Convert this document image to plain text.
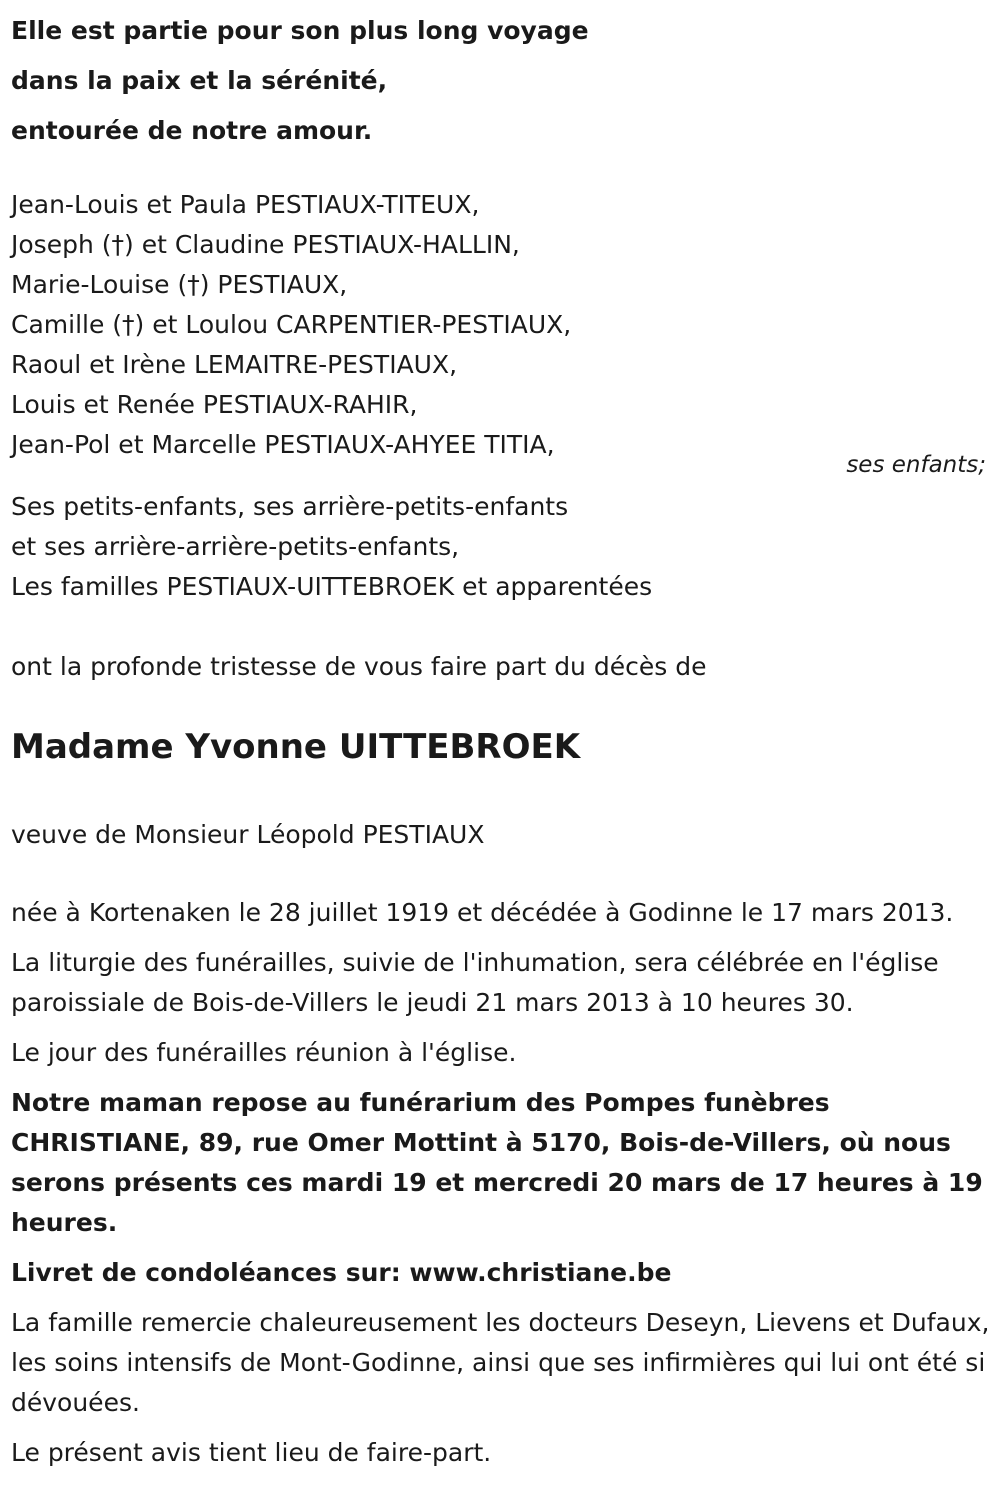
Elle est partie pour son plus long voyage
dans la paix et la sérénité,
entourée de notre amour.
Jean-Louis et Paula PESTIAUX-TITEUX,
Joseph (†) et Claudine PESTIAUX-HALLIN,
Marie-Louise (†) PESTIAUX,
Camille (†) et Loulou CARPENTIER-PESTIAUX,
Raoul et Irène LEMAITRE-PESTIAUX,
Louis et Renée PESTIAUX-RAHIR,
Jean-Pol et Marcelle PESTIAUX-AHYEE TITIA,
ses enfants;
Ses petits-enfants, ses arrière-petits-enfants
et ses arrière-arrière-petits-enfants,
Les familles PESTIAUX-UITTEBROEK et apparentées
ont la profonde tristesse de vous faire part du décès de
Madame Yvonne UITTEBROEK
veuve de Monsieur Léopold PESTIAUX

née à Kortenaken le 28 juillet 1919 et décédée à Godinne le 17 mars 2013.

La liturgie des funérailles, suivie de l'inhumation, sera célébrée en l'église paroissiale de Bois-de-Villers le jeudi 21 mars 2013 à 10 heures 30.

Le jour des funérailles réunion à l'église.

Notre maman repose au funérarium des Pompes funèbres CHRISTIANE, 89, rue Omer Mottint à 5170, Bois-de-Villers, où nous serons présents ces mardi 19 et mercredi 20 mars de 17 heures à 19 heures.

Livret de condoléances sur: www.christiane.be

La famille remercie chaleureusement les docteurs Deseyn, Lievens et Dufaux, les soins intensifs de Mont-Godinne, ainsi que ses infirmières qui lui ont été si dévouées.

Le présent avis tient lieu de faire-part.
